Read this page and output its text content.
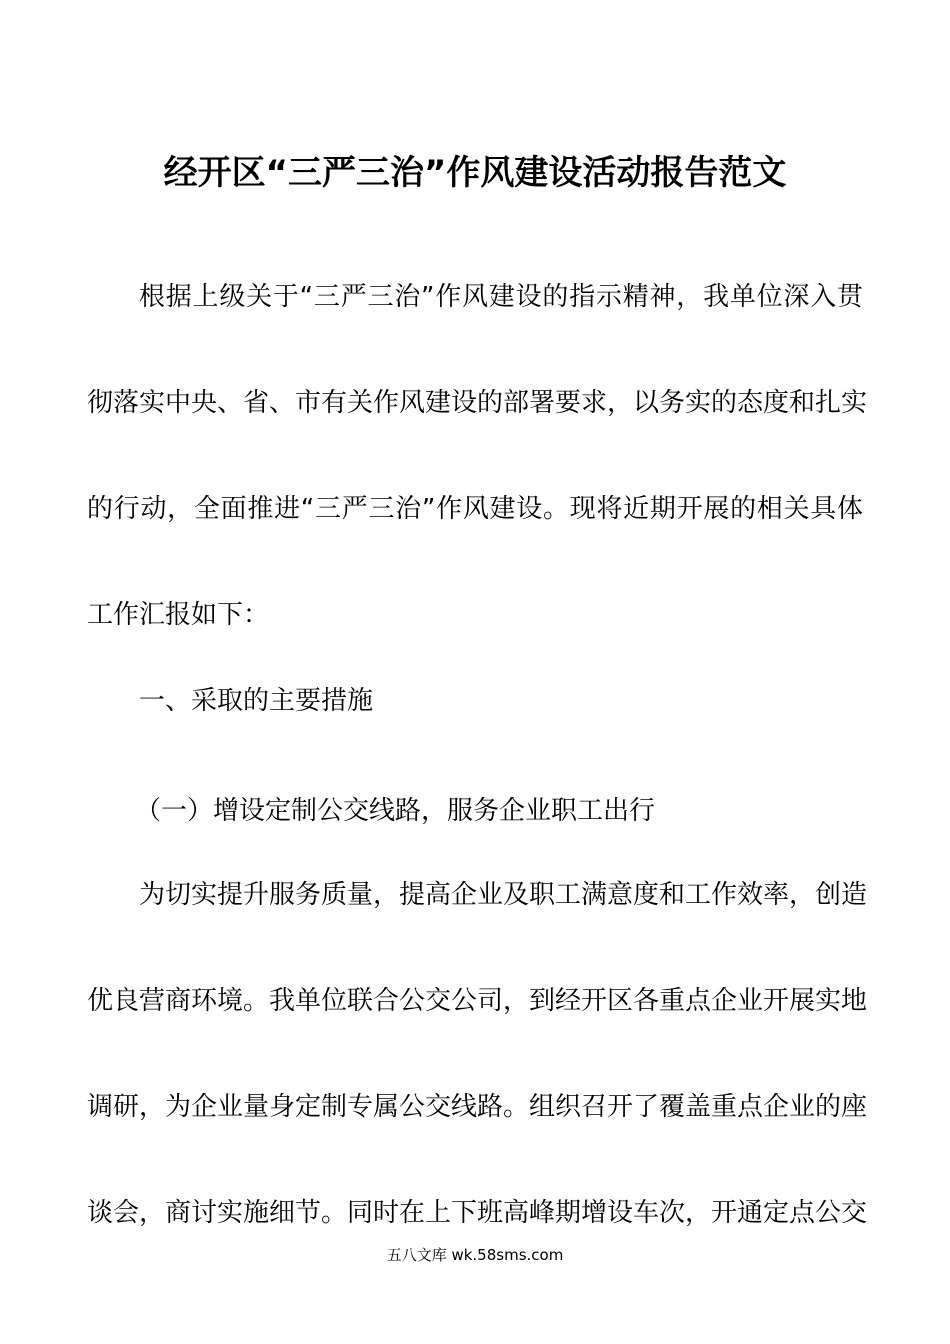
经开区“三严三治”作风建设活动报告范文
根据上级关于“三严三治”作风建设的指示精神，我单位深入贯
彻落实中央、省、市有关作风建设的部署要求，以务实的态度和扎实
的行动，全面推进“三严三治”作风建设。现将近期开展的相关具体
工作汇报如下：
一、采取的主要措施
（一）增设定制公交线路，服务企业职工出行
为切实提升服务质量，提高企业及职工满意度和工作效率，创造
优良营商环境。我单位联合公交公司，到经开区各重点企业开展实地
调研，为企业量身定制专属公交线路。组织召开了覆盖重点企业的座
谈会，商讨实施细节。同时在上下班高峰期增设车次，开通定点公交
五八文库 wk.58sms.com
